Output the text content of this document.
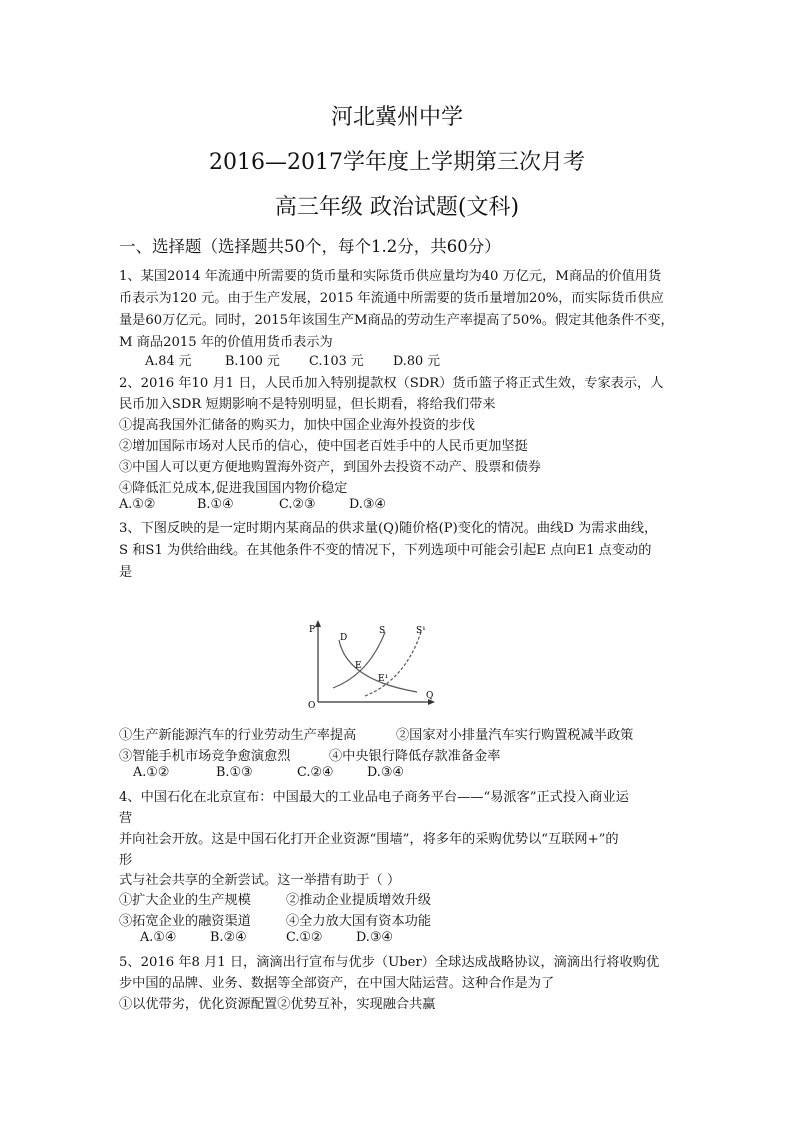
河北冀州中学
2016—2017学年度上学期第三次月考
高三年级 政治试题(文科)
一、选择题（选择题共50个，每个1.2分，共60分）
1、某国2014 年流通中所需要的货币量和实际货币供应量均为40 万亿元，M商品的价值用货
币表示为120 元。由于生产发展，2015 年流通中所需要的货币量增加20%，而实际货币供应
量是60万亿元。同时，2015年该国生产M商品的劳动生产率提高了50%。假定其他条件不变，
M 商品2015 年的价值用货币表示为
A.84 元	B.100 元 C.103 元 D.80 元
2、2016 年10 月1 日，人民币加入特别提款权（SDR）货币篮子将正式生效，专家表示，人
民币加入SDR 短期影响不是特别明显，但长期看，将给我们带来
①提高我国外汇储备的购买力，加快中国企业海外投资的步伐
②增加国际市场对人民币的信心，使中国老百姓手中的人民币更加坚挺
③中国人可以更方便地购置海外资产，到国外去投资不动产、股票和债券
④降低汇兑成本,促进我国国内物价稳定
A.①②	B.①④	C.②③	D.③④
3、下图反映的是一定时期内某商品的供求量(Q)随价格(P)变化的情况。曲线D 为需求曲线，
S 和S1 为供给曲线。在其他条件不变的情况下，下列选项中可能会引起E 点向E1 点变动的
是
P
Q
O
D
S	S¹
E
E¹
①生产新能源汽车的行业劳动生产率提高	②国家对小排量汽车实行购置税减半政策
③智能手机市场竞争愈演愈烈	④中央银行降低存款准备金率
A.①②	B.①③	C.②④	D.③④
4、中国石化在北京宣布：中国最大的工业品电子商务平台——“易派客”正式投入商业运
营
并向社会开放。这是中国石化打开企业资源“围墙”，将多年的采购优势以“互联网+”的
形
式与社会共享的全新尝试。这一举措有助于（ ）
①扩大企业的生产规模	②推动企业提质增效升级
③拓宽企业的融资渠道	④全力放大国有资本功能
A.①④	B.②④	C.①②	D.③④
5、2016 年8 月1 日，滴滴出行宣布与优步（Uber）全球达成战略协议，滴滴出行将收购优
步中国的品牌、业务、数据等全部资产，在中国大陆运营。这种合作是为了
①以优带劣，优化资源配置②优势互补，实现融合共赢
